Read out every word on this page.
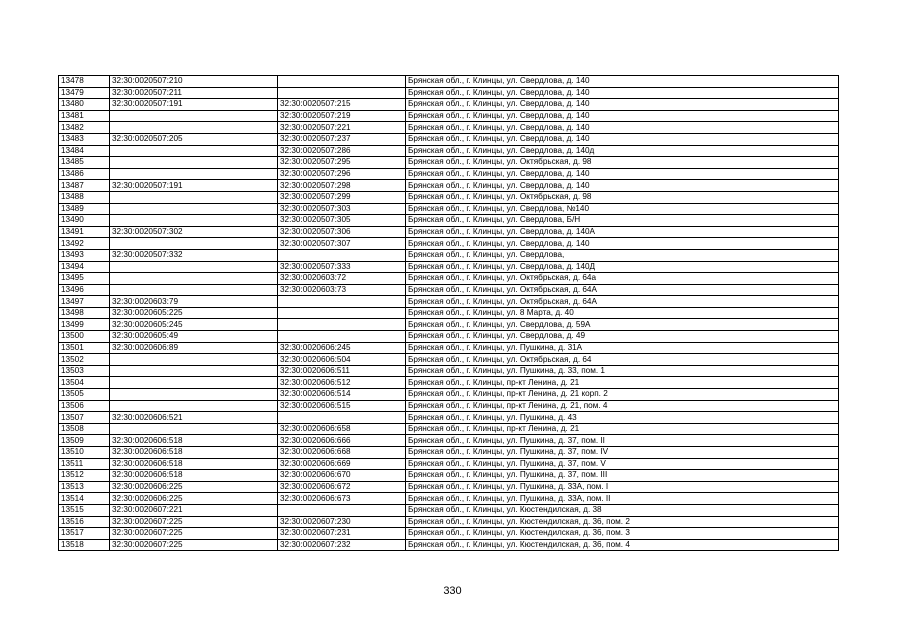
13478	32:30:0020507:210		Брянская обл., г. Клинцы, ул. Свердлова, д. 140
13479	32:30:0020507:211		Брянская обл., г. Клинцы, ул. Свердлова, д. 140
13480	32:30:0020507:191	32:30:0020507:215	Брянская обл., г. Клинцы, ул. Свердлова, д. 140
13481		32:30:0020507:219	Брянская обл., г. Клинцы, ул. Свердлова, д. 140
13482		32:30:0020507:221	Брянская обл., г. Клинцы, ул. Свердлова, д. 140
13483	32:30:0020507:205	32:30:0020507:237	Брянская обл., г. Клинцы, ул. Свердлова, д. 140
13484		32:30:0020507:286	Брянская обл., г. Клинцы, ул. Свердлова, д. 140д
13485		32:30:0020507:295	Брянская обл., г. Клинцы, ул. Октябрьская, д. 98
13486		32:30:0020507:296	Брянская обл., г. Клинцы, ул. Свердлова, д. 140
13487	32:30:0020507:191	32:30:0020507:298	Брянская обл., г. Клинцы, ул. Свердлова, д. 140
13488		32:30:0020507:299	Брянская обл., г. Клинцы, ул. Октябрьская, д. 98
13489		32:30:0020507:303	Брянская обл., г. Клинцы, ул. Свердлова, №140
13490		32:30:0020507:305	Брянская обл., г. Клинцы, ул. Свердлова, Б/Н
13491	32:30:0020507:302	32:30:0020507:306	Брянская обл., г. Клинцы, ул. Свердлова, д. 140А
13492		32:30:0020507:307	Брянская обл., г. Клинцы, ул. Свердлова, д. 140
13493	32:30:0020507:332		Брянская обл., г. Клинцы, ул. Свердлова,
13494		32:30:0020507:333	Брянская обл., г. Клинцы, ул. Свердлова, д. 140Д
13495		32:30:0020603:72	Брянская обл., г. Клинцы, ул. Октябрьская, д. 64а
13496		32:30:0020603:73	Брянская обл., г. Клинцы, ул. Октябрьская, д. 64А
13497	32:30:0020603:79		Брянская обл., г. Клинцы, ул. Октябрьская, д. 64А
13498	32:30:0020605:225		Брянская обл., г. Клинцы, ул. 8 Марта, д. 40
13499	32:30:0020605:245		Брянская обл., г. Клинцы, ул. Свердлова, д. 59А
13500	32:30:0020605:49		Брянская обл., г. Клинцы, ул. Свердлова, д. 49
13501	32:30:0020606:89	32:30:0020606:245	Брянская обл., г. Клинцы, ул. Пушкина, д. 31А
13502		32:30:0020606:504	Брянская обл., г. Клинцы, ул. Октябрьская, д. 64
13503		32:30:0020606:511	Брянская обл., г. Клинцы, ул. Пушкина, д. 33, пом. 1
13504		32:30:0020606:512	Брянская обл., г. Клинцы, пр-кт Ленина, д. 21
13505		32:30:0020606:514	Брянская обл., г. Клинцы, пр-кт Ленина, д. 21 корп. 2
13506		32:30:0020606:515	Брянская обл., г. Клинцы, пр-кт Ленина, д. 21, пом. 4
13507	32:30:0020606:521		Брянская обл., г. Клинцы, ул. Пушкина, д. 43
13508		32:30:0020606:658	Брянская обл., г. Клинцы, пр-кт Ленина, д. 21
13509	32:30:0020606:518	32:30:0020606:666	Брянская обл., г. Клинцы, ул. Пушкина, д. 37, пом. II
13510	32:30:0020606:518	32:30:0020606:668	Брянская обл., г. Клинцы, ул. Пушкина, д. 37, пом. IV
13511	32:30:0020606:518	32:30:0020606:669	Брянская обл., г. Клинцы, ул. Пушкина, д. 37, пом. V
13512	32:30:0020606:518	32:30:0020606:670	Брянская обл., г. Клинцы, ул. Пушкина, д. 37, пом. III
13513	32:30:0020606:225	32:30:0020606:672	Брянская обл., г. Клинцы, ул. Пушкина, д. 33А, пом. I
13514	32:30:0020606:225	32:30:0020606:673	Брянская обл., г. Клинцы, ул. Пушкина, д. 33А, пом. II
13515	32:30:0020607:221		Брянская обл., г. Клинцы, ул. Кюстендилская, д. 38
13516	32:30:0020607:225	32:30:0020607:230	Брянская обл., г. Клинцы, ул. Кюстендилская, д. 36, пом. 2
13517	32:30:0020607:225	32:30:0020607:231	Брянская обл., г. Клинцы, ул. Кюстендилская, д. 36, пом. 3
13518	32:30:0020607:225	32:30:0020607:232	Брянская обл., г. Клинцы, ул. Кюстендилская, д. 36, пом. 4
330
